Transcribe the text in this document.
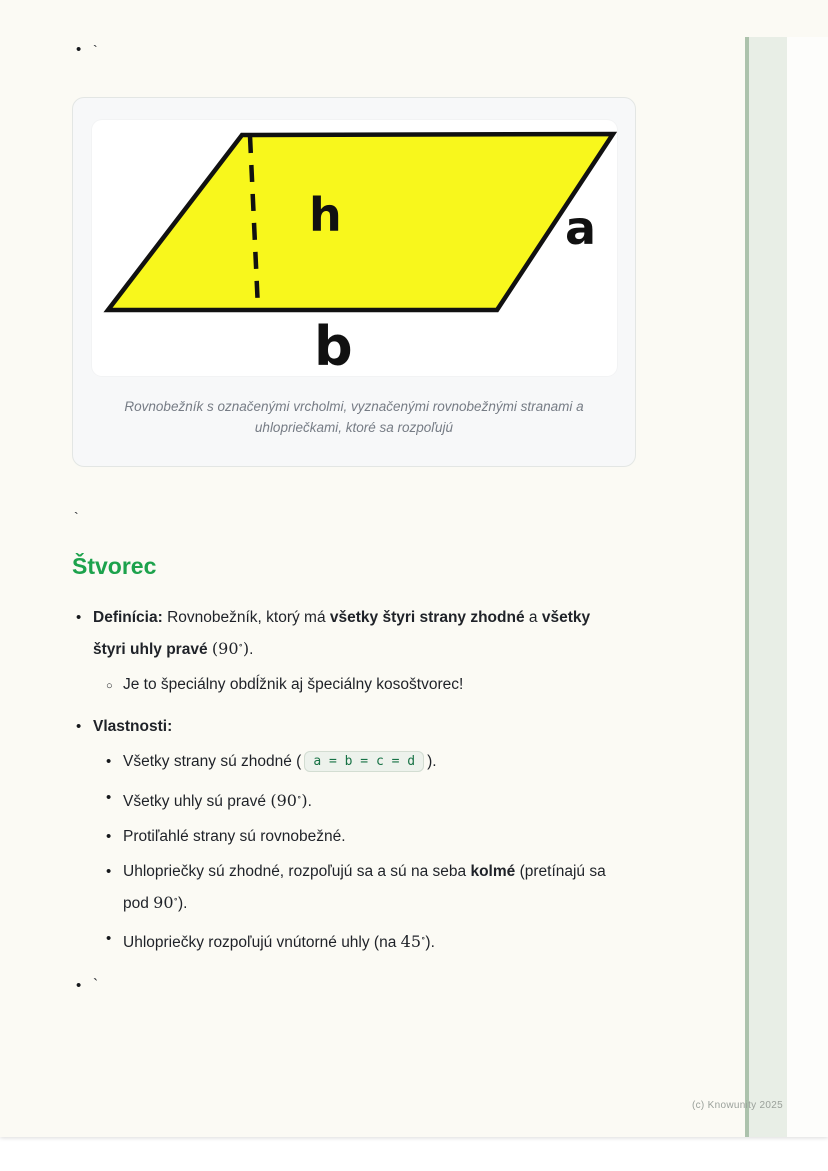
• `
h	a
b
Rovnobežník s označenými vrcholmi, vyznačenými rovnobežnými stranami a
uhlopriečkami, ktoré sa rozpoľujú
`
Štvorec
• Definícia: Rovnobežník, ktorý má všetky štyri strany zhodné a všetky
štyri uhly pravé (90∘).
○ Je to špeciálny obdĺžnik aj špeciálny kosoštvorec!
• Vlastnosti:
• Všetky strany sú zhodné ( a = b = c = d ).
• Všetky uhly sú pravé (90∘).
• Protiľahlé strany sú rovnobežné.
• Uhlopriečky sú zhodné, rozpoľujú sa a sú na seba kolmé (pretínajú sa
pod 90∘).
• Uhlopriečky rozpoľujú vnútorné uhly (na 45∘).
• `
(c) Knowunity 2025
